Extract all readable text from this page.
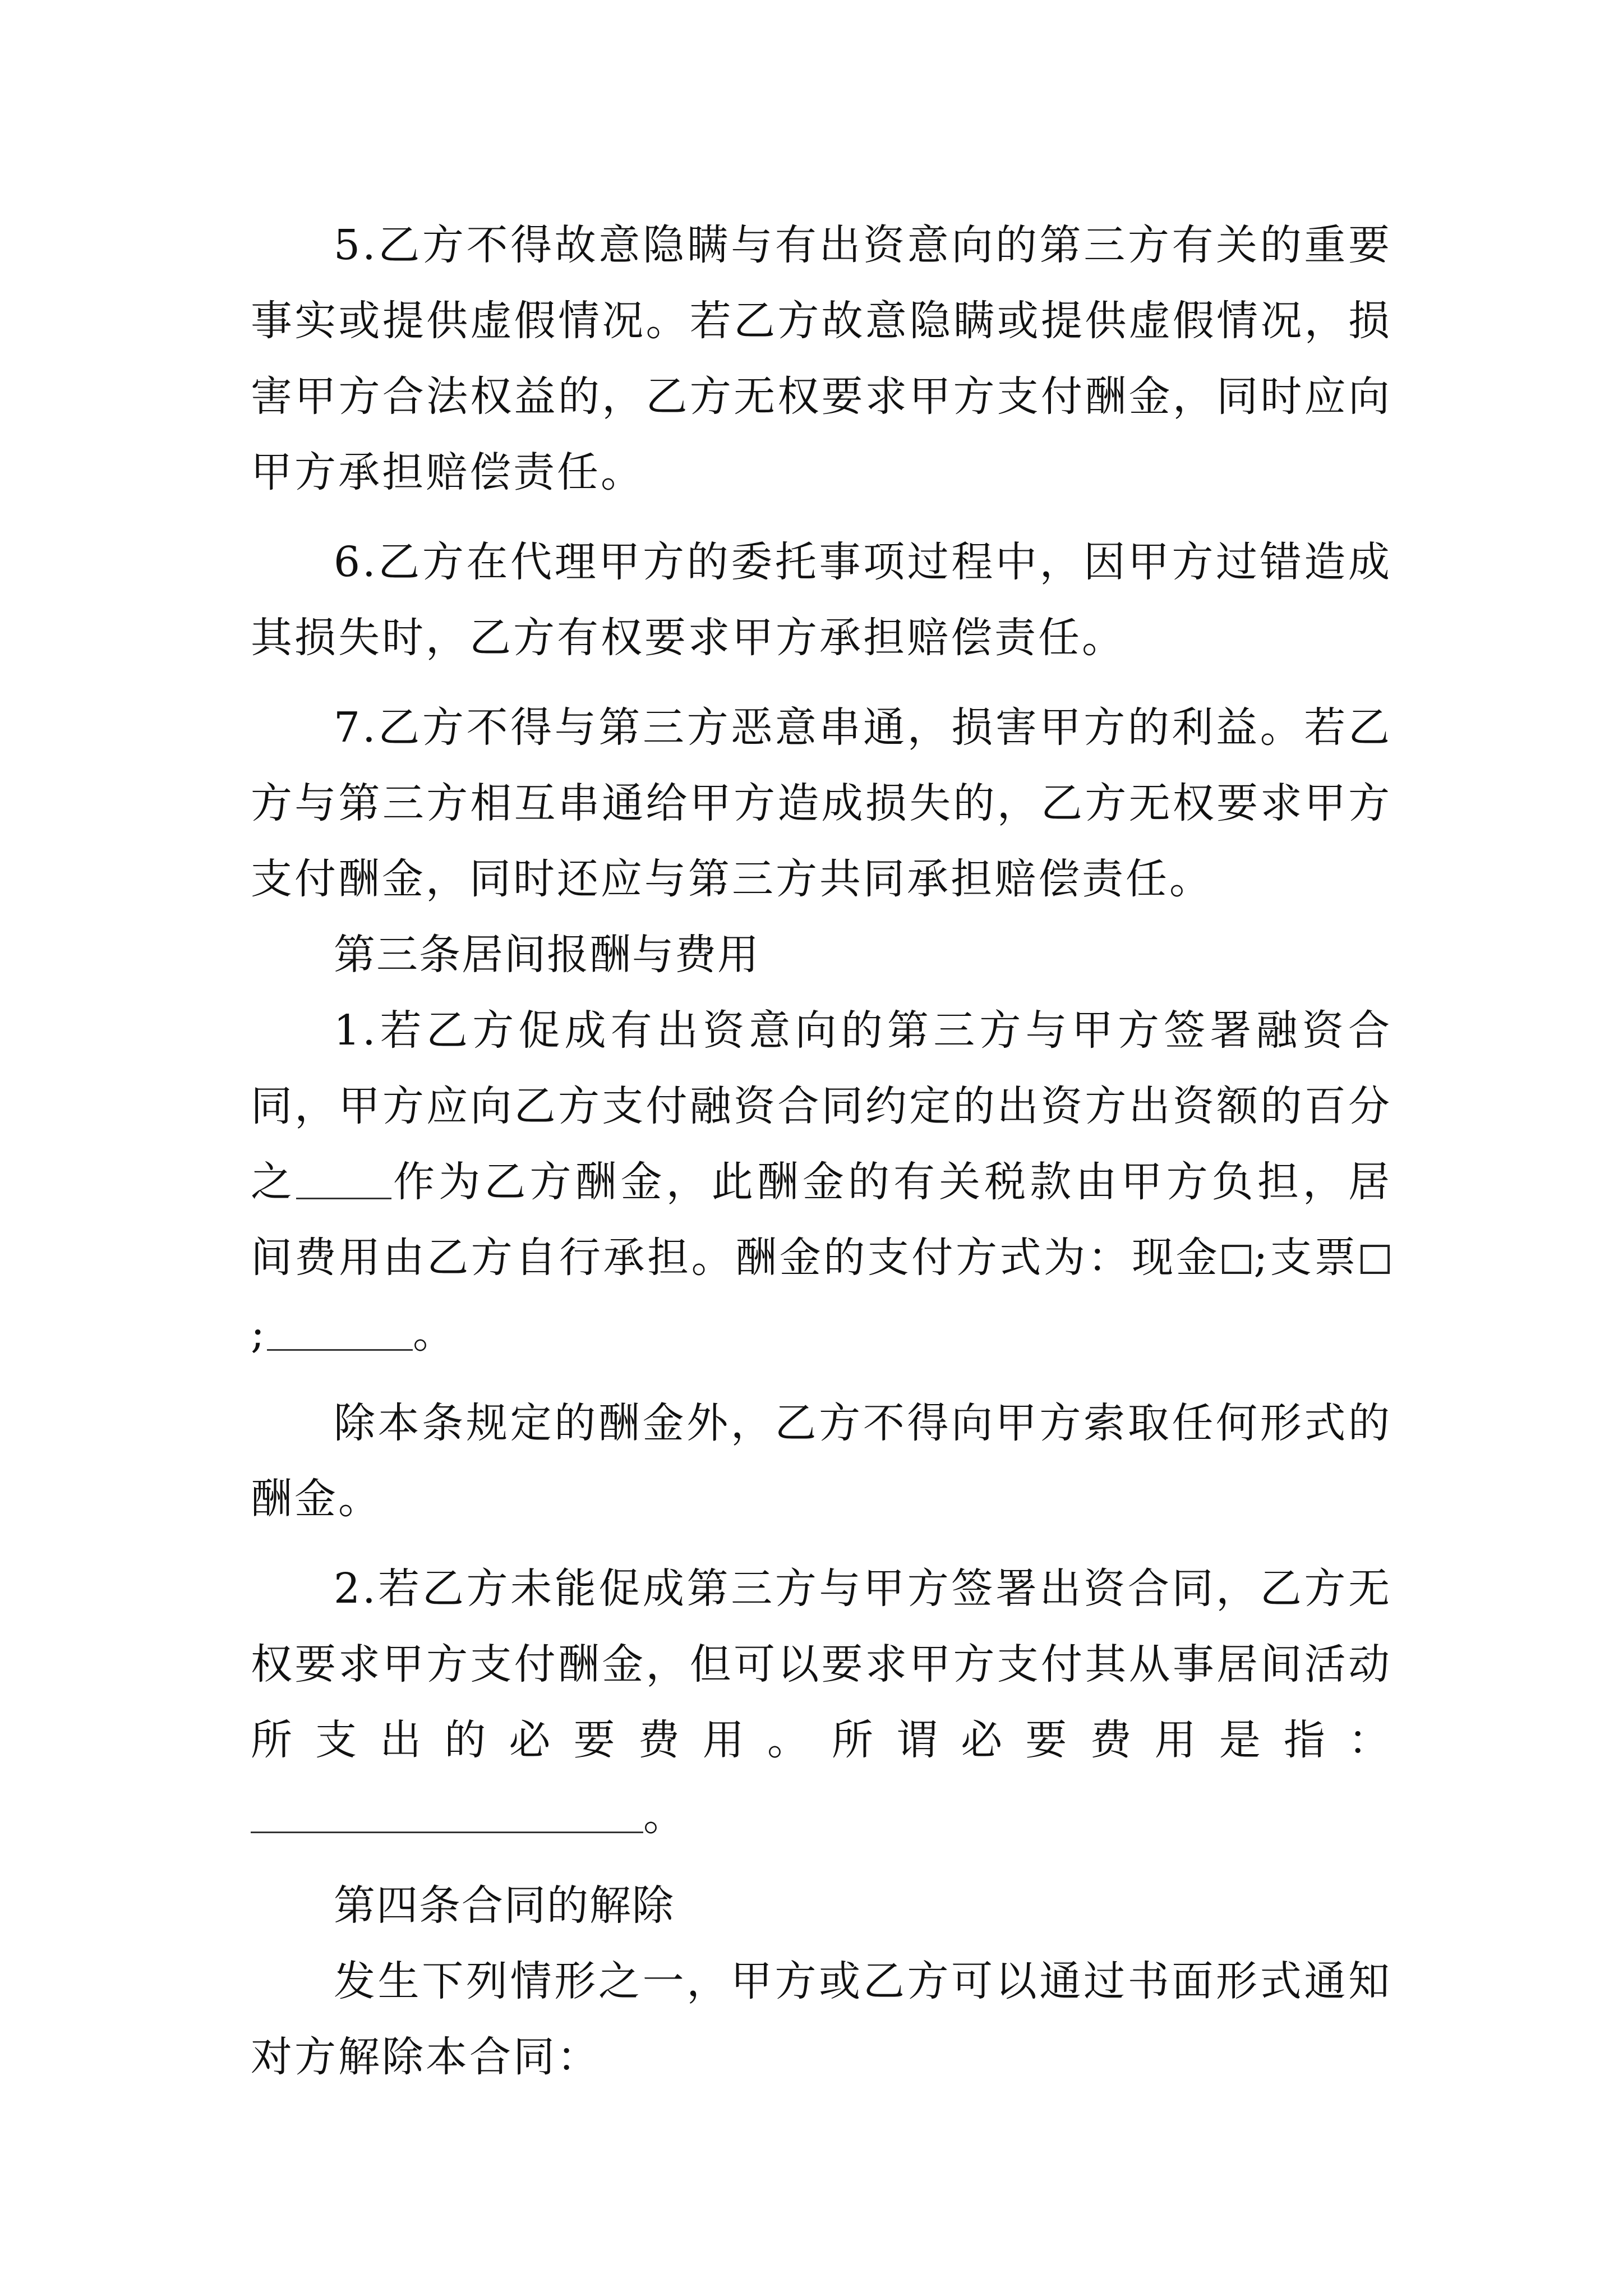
5.乙方不得故意隐瞒与有出资意向的第三方有关的重要事实或提供虚假情况。若乙方故意隐瞒或提供虚假情况，损害甲方合法权益的，乙方无权要求甲方支付酬金，同时应向甲方承担赔偿责任。

6.乙方在代理甲方的委托事项过程中，因甲方过错造成其损失时，乙方有权要求甲方承担赔偿责任。

7.乙方不得与第三方恶意串通，损害甲方的利益。若乙方与第三方相互串通给甲方造成损失的，乙方无权要求甲方支付酬金，同时还应与第三方共同承担赔偿责任。

第三条居间报酬与费用

1.若乙方促成有出资意向的第三方与甲方签署融资合同，甲方应向乙方支付融资合同约定的出资方出资额的百分之 作为乙方酬金，此酬金的有关税款由甲方负担，居间费用由乙方自行承担。酬金的支付方式为：现金 ;支票;	。

除本条规定的酬金外，乙方不得向甲方索取任何形式的酬金。

2.若乙方未能促成第三方与甲方签署出资合同，乙方无权要求甲方支付酬金，但可以要求甲方支付其从事居间活动所支出的必要费用。所谓必要费用是指：。

第四条合同的解除

发生下列情形之一，甲方或乙方可以通过书面形式通知对方解除本合同：
